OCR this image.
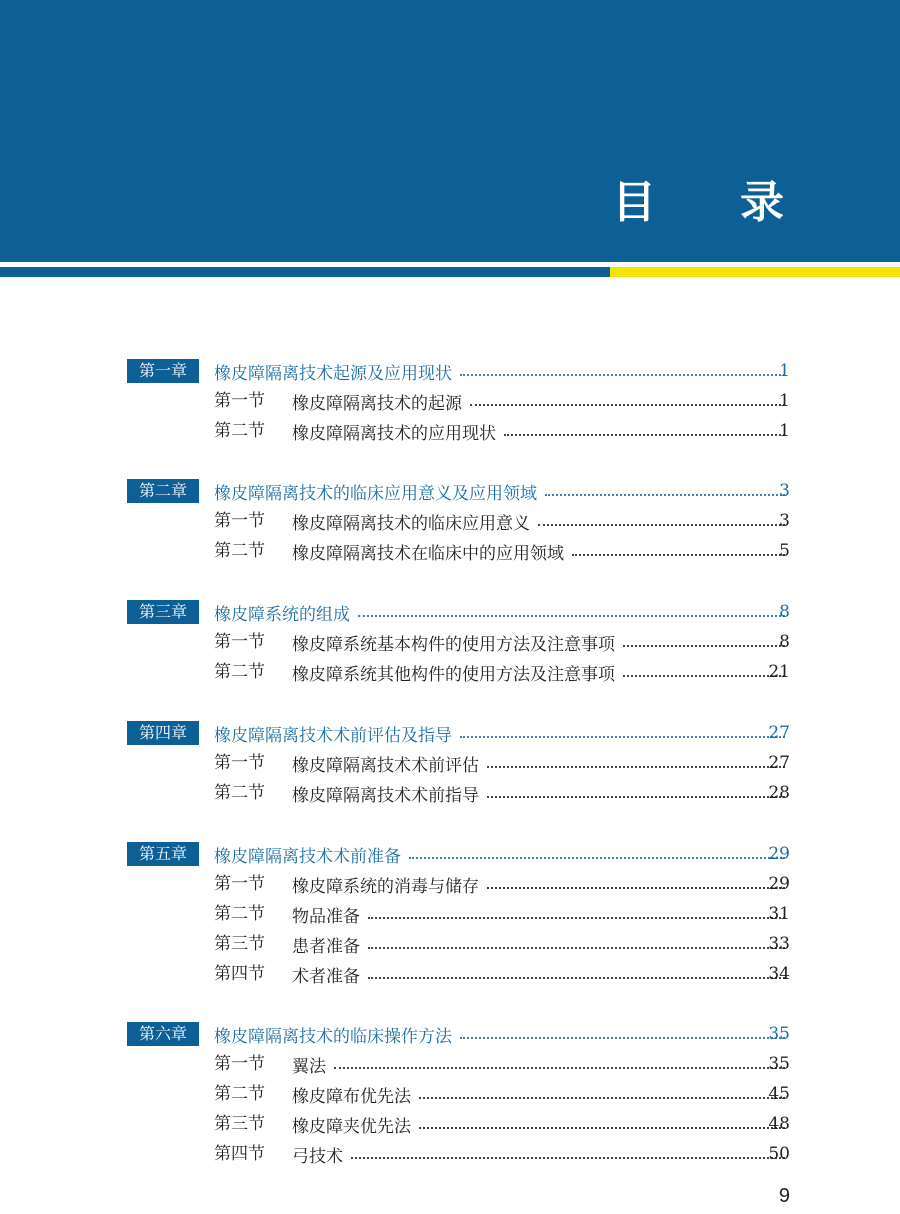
目 录
第一章	橡皮障隔离技术起源及应用现状	1
第一节 橡皮障隔离技术的起源	1
第二节 橡皮障隔离技术的应用现状	1
第二章	橡皮障隔离技术的临床应用意义及应用领域	3
第一节 橡皮障隔离技术的临床应用意义	3
第二节 橡皮障隔离技术在临床中的应用领域	5
第三章	橡皮障系统的组成	8
第一节 橡皮障系统基本构件的使用方法及注意事项	8
第二节 橡皮障系统其他构件的使用方法及注意事项	21
第四章	橡皮障隔离技术术前评估及指导	27
第一节 橡皮障隔离技术术前评估	27
第二节 橡皮障隔离技术术前指导	28
第五章	橡皮障隔离技术术前准备	29
第一节 橡皮障系统的消毒与储存	29
第二节 物品准备	31
第三节 患者准备	33
第四节 术者准备	34
第六章	橡皮障隔离技术的临床操作方法	35
第一节 翼法	35
第二节 橡皮障布优先法	45
第三节 橡皮障夹优先法	48
第四节 弓技术	50
9
